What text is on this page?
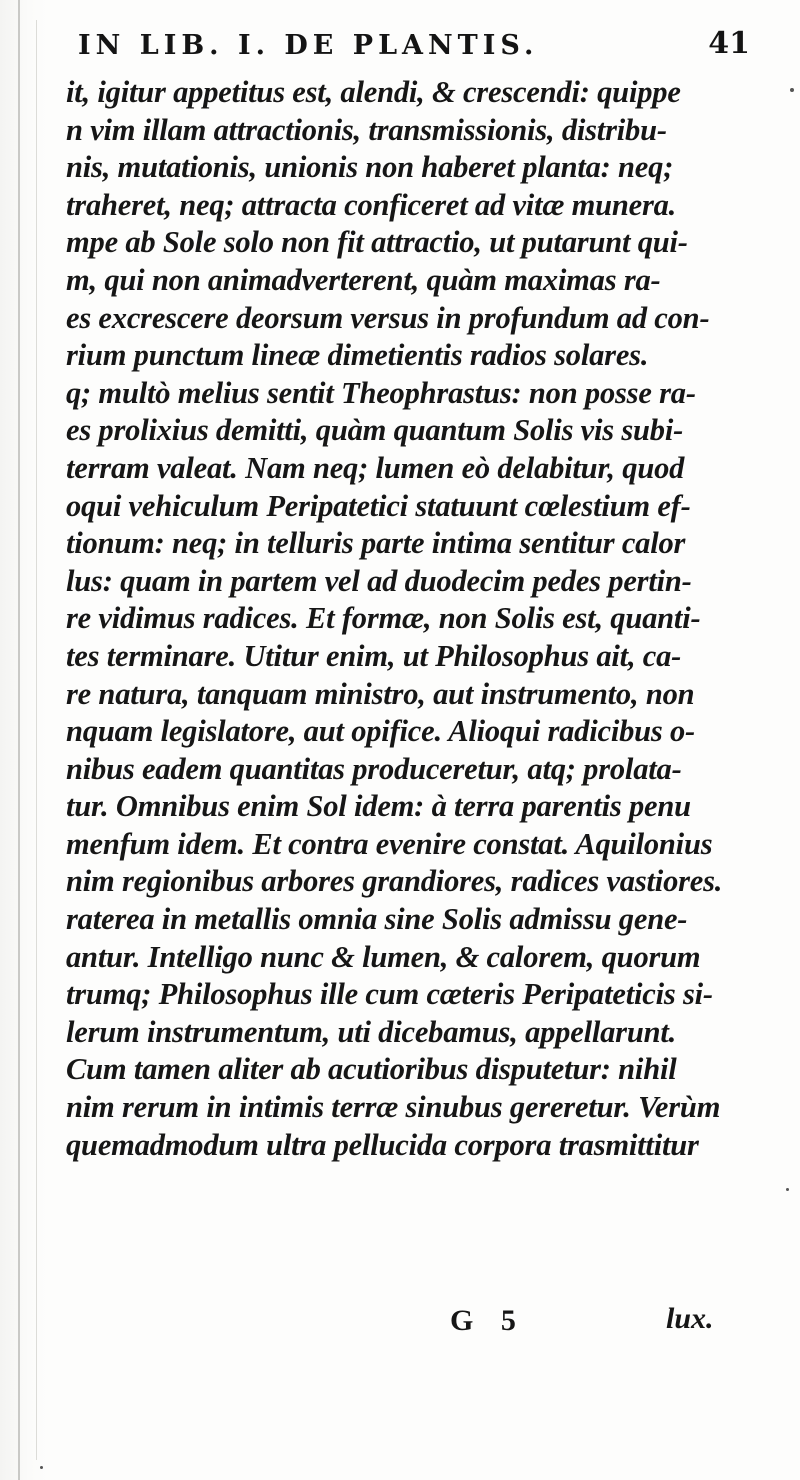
IN LIB. I. DE PLANTIS.	41
it, igitur appetitus est, alendi, & crescendi: quippe
n vim illam attractionis, transmissionis, distribu-
nis, mutationis, unionis non haberet planta: neq;
traheret, neq; attracta conficeret ad vitæ munera.
mpe ab Sole solo non fit attractio, ut putarunt qui-
m, qui non animadverterent, quàm maximas ra-
es excrescere deorsum versus in profundum ad con-
rium punctum lineæ dimetientis radios solares.
q; multò melius sentit Theophrastus: non posse ra-
es prolixius demitti, quàm quantum Solis vis subi-
terram valeat. Nam neq; lumen eò delabitur, quod
oqui vehiculum Peripatetici statuunt cœlestium ef-
tionum: neq; in telluris parte intima sentitur calor
lus: quam in partem vel ad duodecim pedes pertin-
re vidimus radices. Et formæ, non Solis est, quanti-
tes terminare. Utitur enim, ut Philosophus ait, ca-
re natura, tanquam ministro, aut instrumento, non
nquam legislatore, aut opifice. Alioqui radicibus o-
nibus eadem quantitas produceretur, atq; prolata-
tur. Omnibus enim Sol idem: à terra parentis penu
menfum idem. Et contra evenire constat. Aquilonius
nim regionibus arbores grandiores, radices vastiores.
raterea in metallis omnia sine Solis admissu gene-
antur. Intelligo nunc & lumen, & calorem, quorum
trumq; Philosophus ille cum cæteris Peripateticis si-
lerum instrumentum, uti dicebamus, appellarunt.
Cum tamen aliter ab acutioribus disputetur: nihil
nim rerum in intimis terræ sinubus gereretur. Verùm
quemadmodum ultra pellucida corpora trasmittitur
G 5	lux.
